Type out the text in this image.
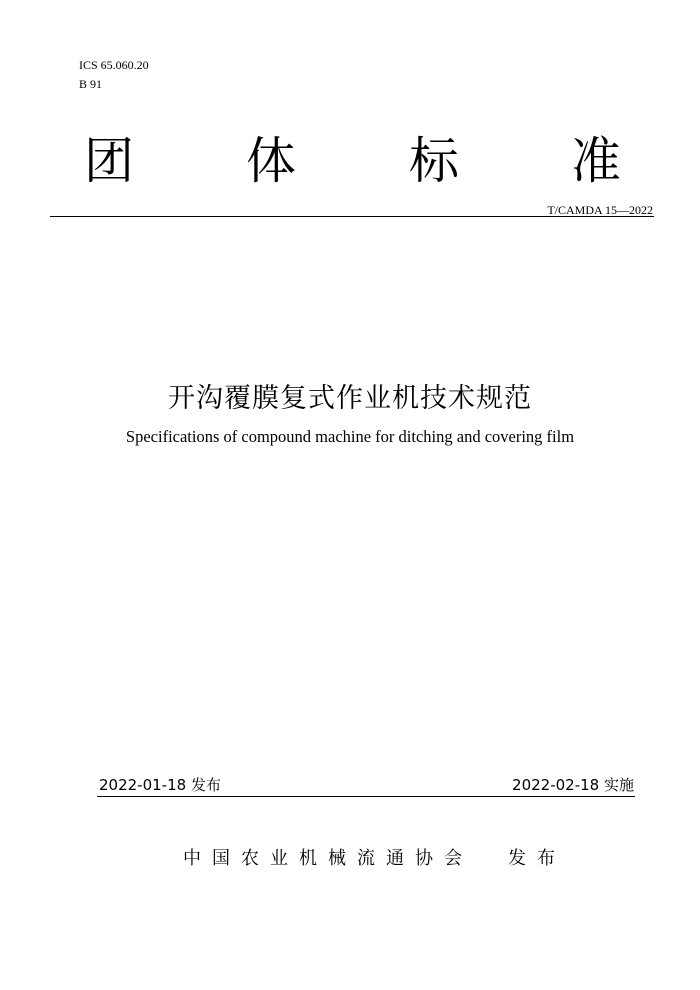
ICS 65.060.20
B 91
团 体 标 准
T/CAMDA 15—2022
开沟覆膜复式作业机技术规范
Specifications of compound machine for ditching and covering film
2022-01-18 发布	2022-02-18 实施
中国农业机械流通协会 发布
